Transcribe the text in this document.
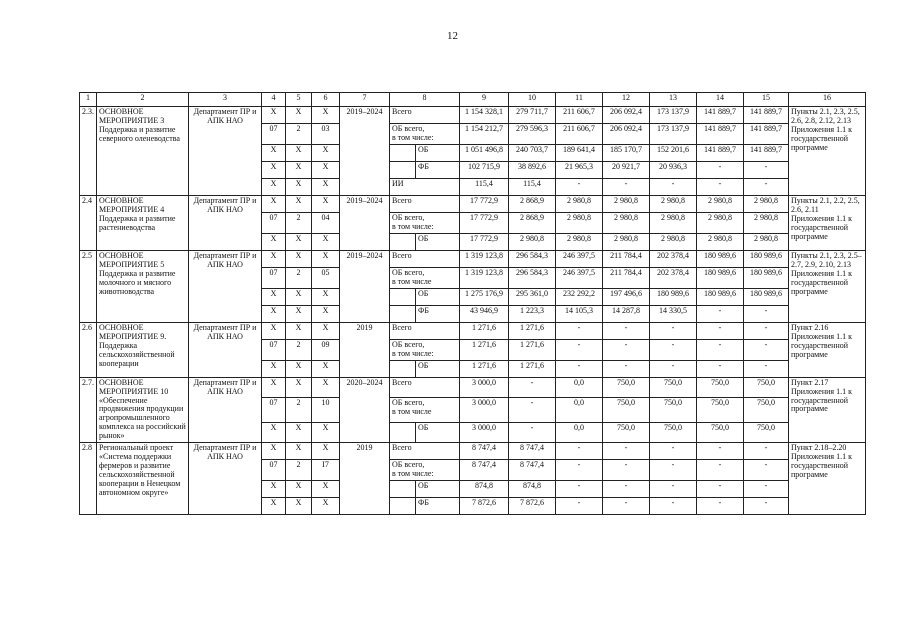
12
1	2	3	4	5	6	7	8		9	10	11	12	13	14	15	16
2.3.	ОСНОВНОЕ МЕРОПРИЯТИЕ 3 Поддержка и развитие северного оленеводства	Департамент ПР и АПК НАО	X	X	X	2019–2024	Всего		1 154 328,1	279 711,7	211 606,7	206 092,4	173 137,9	141 889,7	141 889,7	Пункты 2.1, 2.3, 2.5, 2.6, 2.8, 2.12, 2.13
Приложения 1.1 к государственной программе
			07	2	03		ОБ всего,
в том числе:		1 154 212,7	279 596,3	211 606,7	206 092,4	173 137,9	141 889,7	141 889,7	
			X	X	X			ОБ	1 051 496,8	240 703,7	189 641,4	185 170,7	152 201,6	141 889,7	141 889,7	
			X	X	X			ФБ	102 715,9	38 892,6	21 965,3	20 921,7	20 936,3	-	-	
			X	X	X		ИИ		115,4	115,4	-	-	-	-	-	
2.4	ОСНОВНОЕ МЕРОПРИЯТИЕ 4 Поддержка и развитие растениеводства	Департамент ПР и АПК НАО	X	X	X	2019–2024	Всего		17 772,9	2 868,9	2 980,8	2 980,8	2 980,8	2 980,8	2 980,8	Пункты 2.1, 2.2, 2.5, 2.6, 2.11
Приложения 1.1 к государственной программе
			07	2	04		ОБ всего,
в том числе:		17 772,9	2 868,9	2 980,8	2 980,8	2 980,8	2 980,8	2 980,8	
			X	X	X			ОБ	17 772,9	2 980,8	2 980,8	2 980,8	2 980,8	2 980,8	2 980,8	
2.5	ОСНОВНОЕ МЕРОПРИЯТИЕ 5 Поддержка и развитие молочного и мясного животноводства	Департамент ПР и АПК НАО	X	X	X	2019–2024	Всего		1 319 123,8	296 584,3	246 397,5	211 784,4	202 378,4	180 989,6	180 989,6	Пункты 2.1, 2.3, 2.5–2.7, 2.9, 2.10, 2.13
Приложения 1.1 к государственной программе
			07	2	05		ОБ всего,
в том числе		1 319 123,8	296 584,3	246 397,5	211 784,4	202 378,4	180 989,6	180 989,6	
			X	X	X			ОБ	1 275 176,9	295 361,0	232 292,2	197 496,6	180 989,6	180 989,6	180 989,6	
			X	X	X			ФБ	43 946,9	1 223,3	14 105,3	14 287,8	14 330,5	-	-	
2.6	ОСНОВНОЕ МЕРОПРИЯТИЕ 9. Поддержка сельскохозяйственной кооперации	Департамент ПР и АПК НАО	X	X	X	2019	Всего		1 271,6	1 271,6	-	-	-	-	-	Пункт 2.16
Приложения 1.1 к государственной программе
			07	2	09		ОБ всего,
в том числе:		1 271,6	1 271,6	-	-	-	-	-	
			X	X	X			ОБ	1 271,6	1 271,6	-	-	-	-	-	
2.7.	ОСНОВНОЕ МЕРОПРИЯТИЕ 10 «Обеспечение продвижения продукции агропромышленного комплекса на российский рынок»	Департамент ПР и АПК НАО	X	X	X	2020–2024	Всего		3 000,0	-	0,0	750,0	750,0	750,0	750,0	Пункт 2.17
Приложения 1.1 к государственной программе
			07	2	10		ОБ всего,
в том числе		3 000,0	-	0,0	750,0	750,0	750,0	750,0	
			X	X	X			ОБ	3 000,0	-	0,0	750,0	750,0	750,0	750,0	
2.8	Региональный проект «Система поддержки фермеров и развитие сельскохозяйственной кооперации в Ненецком автономном округе»	Департамент ПР и АПК НАО	X	X	X	2019	Всего		8 747,4	8 747,4	-	-	-	-	-	Пункт 2.18–2.20
Приложения 1.1 к государственной программе
			07	2	I7		ОБ всего,
в том числе:		8 747,4	8 747,4	-	-	-	-	-	
			X	X	X			ОБ	874,8	874,8	-	-	-	-	-	
			X	X	X			ФБ	7 872,6	7 872,6	-	-	-	-	-	
